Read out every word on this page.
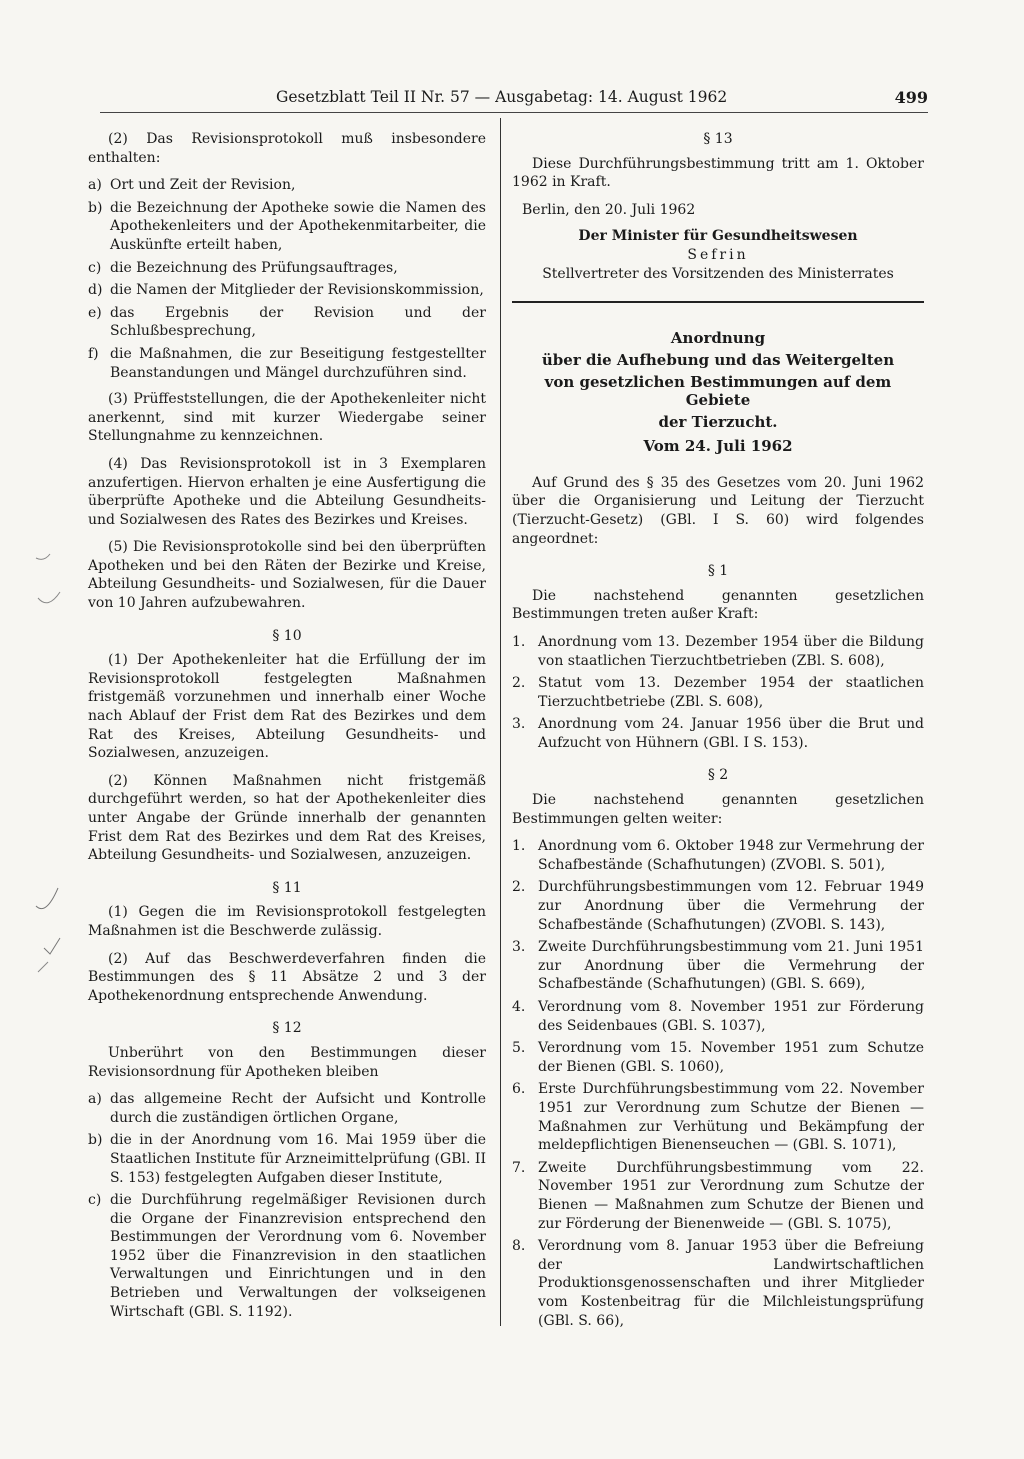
Gesetzblatt Teil II Nr. 57 — Ausgabetag: 14. August 1962	499

(2) Das Revisionsprotokoll muß insbesondere enthalten:

a) Ort und Zeit der Revision,
b) die Bezeichnung der Apotheke sowie die Namen des Apothekenleiters und der Apothekenmitarbeiter, die Auskünfte erteilt haben,
c) die Bezeichnung des Prüfungsauftrages,
d) die Namen der Mitglieder der Revisionskommission,
e) das Ergebnis der Revision und der Schlußbesprechung,
f) die Maßnahmen, die zur Beseitigung festgestellter Beanstandungen und Mängel durchzuführen sind.

(3) Prüffeststellungen, die der Apothekenleiter nicht anerkennt, sind mit kurzer Wiedergabe seiner Stellungnahme zu kennzeichnen.

(4) Das Revisionsprotokoll ist in 3 Exemplaren anzufertigen. Hiervon erhalten je eine Ausfertigung die überprüfte Apotheke und die Abteilung Gesundheits- und Sozialwesen des Rates des Bezirkes und Kreises.

(5) Die Revisionsprotokolle sind bei den überprüften Apotheken und bei den Räten der Bezirke und Kreise, Abteilung Gesundheits- und Sozialwesen, für die Dauer von 10 Jahren aufzubewahren.

§ 10

(1) Der Apothekenleiter hat die Erfüllung der im Revisionsprotokoll festgelegten Maßnahmen fristgemäß vorzunehmen und innerhalb einer Woche nach Ablauf der Frist dem Rat des Bezirkes und dem Rat des Kreises, Abteilung Gesundheits- und Sozialwesen, anzuzeigen.

(2) Können Maßnahmen nicht fristgemäß durchgeführt werden, so hat der Apothekenleiter dies unter Angabe der Gründe innerhalb der genannten Frist dem Rat des Bezirkes und dem Rat des Kreises, Abteilung Gesundheits- und Sozialwesen, anzuzeigen.

§ 11

(1) Gegen die im Revisionsprotokoll festgelegten Maßnahmen ist die Beschwerde zulässig.

(2) Auf das Beschwerdeverfahren finden die Bestimmungen des § 11 Absätze 2 und 3 der Apothekenordnung entsprechende Anwendung.

§ 12

Unberührt von den Bestimmungen dieser Revisionsordnung für Apotheken bleiben

a) das allgemeine Recht der Aufsicht und Kontrolle durch die zuständigen örtlichen Organe,
b) die in der Anordnung vom 16. Mai 1959 über die Staatlichen Institute für Arzneimittelprüfung (GBl. II S. 153) festgelegten Aufgaben dieser Institute,
c) die Durchführung regelmäßiger Revisionen durch die Organe der Finanzrevision entsprechend den Bestimmungen der Verordnung vom 6. November 1952 über die Finanzrevision in den staatlichen Verwaltungen und Einrichtungen und in den Betrieben und Verwaltungen der volkseigenen Wirtschaft (GBl. S. 1192).
§ 13

Diese Durchführungsbestimmung tritt am 1. Oktober 1962 in Kraft.

Berlin, den 20. Juli 1962
Der Minister für Gesundheitswesen
Sefrin
Stellvertreter des Vorsitzenden des Ministerrates
Anordnung
über die Aufhebung und das Weitergelten
von gesetzlichen Bestimmungen auf dem Gebiete
der Tierzucht.
Vom 24. Juli 1962

Auf Grund des § 35 des Gesetzes vom 20. Juni 1962 über die Organisierung und Leitung der Tierzucht (Tierzucht-Gesetz) (GBl. I S. 60) wird folgendes angeordnet:

§ 1

Die nachstehend genannten gesetzlichen Bestimmungen treten außer Kraft:

1. Anordnung vom 13. Dezember 1954 über die Bildung von staatlichen Tierzuchtbetrieben (ZBl. S. 608),
2. Statut vom 13. Dezember 1954 der staatlichen Tierzuchtbetriebe (ZBl. S. 608),
3. Anordnung vom 24. Januar 1956 über die Brut und Aufzucht von Hühnern (GBl. I S. 153).
§ 2

Die nachstehend genannten gesetzlichen Bestimmungen gelten weiter:

1. Anordnung vom 6. Oktober 1948 zur Vermehrung der Schafbestände (Schafhutungen) (ZVOBl. S. 501),
2. Durchführungsbestimmungen vom 12. Februar 1949 zur Anordnung über die Vermehrung der Schafbestände (Schafhutungen) (ZVOBl. S. 143),
3. Zweite Durchführungsbestimmung vom 21. Juni 1951 zur Anordnung über die Vermehrung der Schafbestände (Schafhutungen) (GBl. S. 669),
4. Verordnung vom 8. November 1951 zur Förderung des Seidenbaues (GBl. S. 1037),
5. Verordnung vom 15. November 1951 zum Schutze der Bienen (GBl. S. 1060),
6. Erste Durchführungsbestimmung vom 22. November 1951 zur Verordnung zum Schutze der Bienen — Maßnahmen zur Verhütung und Bekämpfung der meldepflichtigen Bienenseuchen — (GBl. S. 1071),
7. Zweite Durchführungsbestimmung vom 22. November 1951 zur Verordnung zum Schutze der Bienen — Maßnahmen zum Schutze der Bienen und zur Förderung der Bienenweide — (GBl. S. 1075),
8. Verordnung vom 8. Januar 1953 über die Befreiung der Landwirtschaftlichen Produktionsgenossenschaften und ihrer Mitglieder vom Kostenbeitrag für die Milchleistungsprüfung (GBl. S. 66),
